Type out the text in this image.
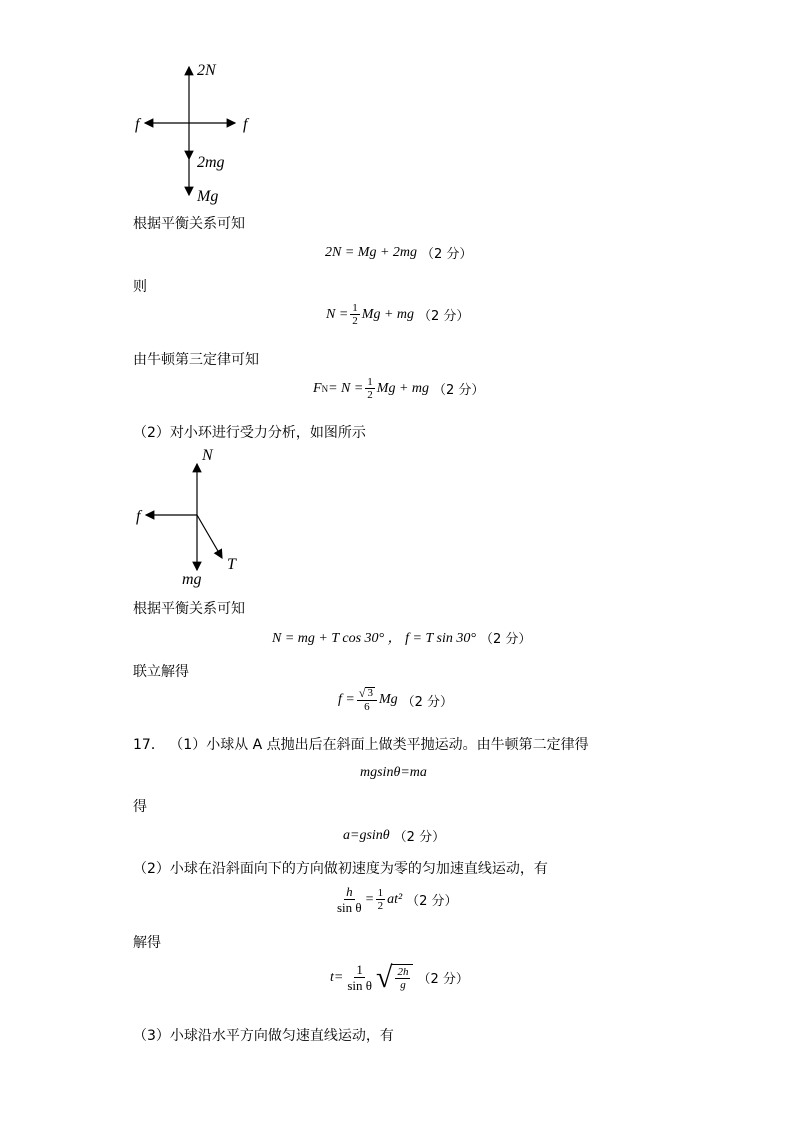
2N
f	f
2mg
Mg
根据平衡关系可知
2N = Mg + 2mg （2 分）
则
$N = \frac{1}{2}$ Mg + mg （2 分）
由牛顿第三定律可知
F $N = N = \frac{1}{2}$ Mg + mg （2 分）
（2）对小环进行受力分析，如图所示
N
f
mg
T
根据平衡关系可知
N = mg + T cos 30° ， f = T sin 30° （2 分）
联立解得
$f = \frac{√ 3}{6}$ Mg （2 分）
17． （1）小球从 A 点抛出后在斜面上做类平抛运动。由牛顿第二定律得
mgsinθ=ma
得
a=gsinθ （2 分）
（2）小球在沿斜面向下的方向做初速度为零的匀加速直线运动，有
$\frac{h}{\text{sin θ}} = \frac{1}{2} at^2$ （2 分）
解得
$t= \frac{1}{\text{sin θ}}$ √ $\frac{2h}{g} (2$ 分）
（3）小球沿水平方向做匀速直线运动，有
